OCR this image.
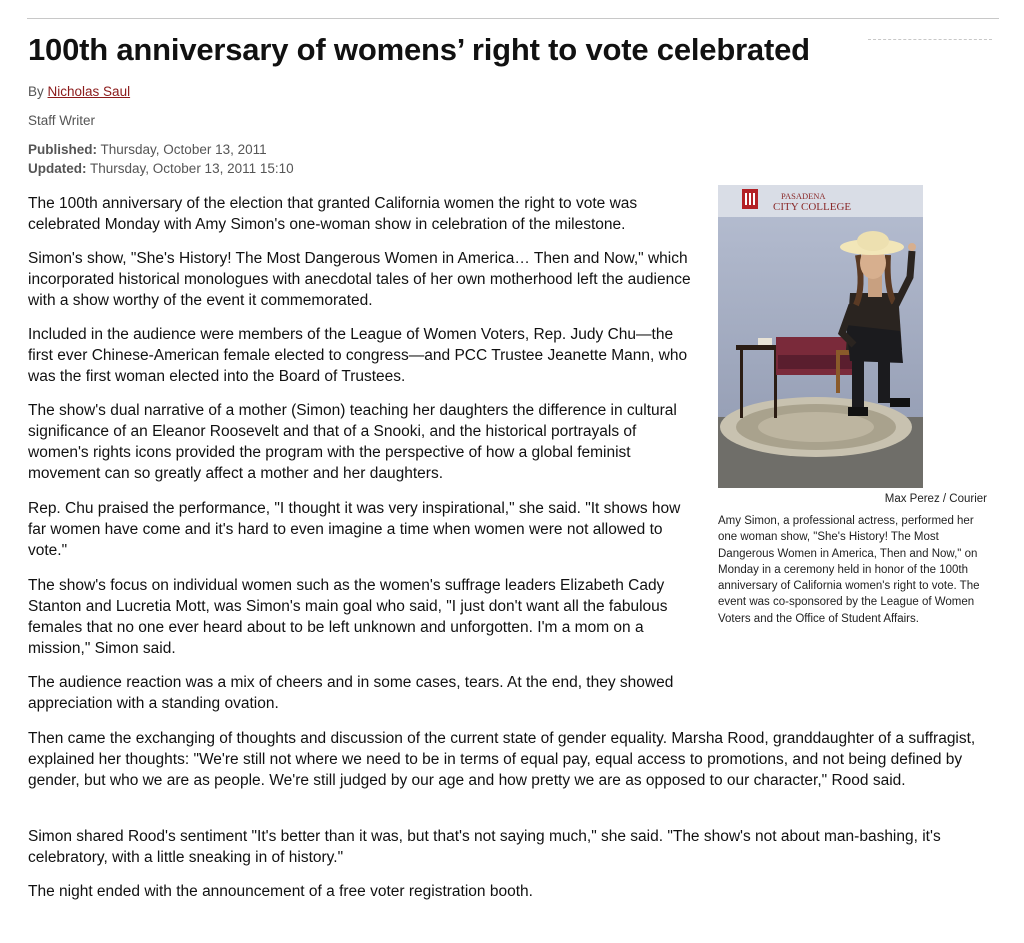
100th anniversary of womens’ right to vote celebrated
By Nicholas Saul
Staff Writer
Published: Thursday, October 13, 2011
Updated: Thursday, October 13, 2011 15:10

The 100th anniversary of the election that granted California women the right to vote was celebrated Monday with Amy Simon's one-woman show in celebration of the milestone.

Simon's show, "She's History! The Most Dangerous Women in America… Then and Now," which incorporated historical monologues with anecdotal tales of her own motherhood left the audience with a show worthy of the event it commemorated.

Included in the audience were members of the League of Women Voters, Rep. Judy Chu—the first ever Chinese-American female elected to congress—and PCC Trustee Jeanette Mann, who was the first woman elected into the Board of Trustees.

The show's dual narrative of a mother (Simon) teaching her daughters the difference in cultural significance of an Eleanor Roosevelt and that of a Snooki, and the historical portrayals of women's rights icons provided the program with the perspective of how a global feminist movement can so greatly affect a mother and her daughters.

Rep. Chu praised the performance, "I thought it was very inspirational," she said. "It shows how far women have come and it's hard to even imagine a time when women were not allowed to vote."

The show's focus on individual women such as the women's suffrage leaders Elizabeth Cady Stanton and Lucretia Mott, was Simon's main goal who said, "I just don't want all the fabulous females that no one ever heard about to be left unknown and unforgotten. I'm a mom on a mission," Simon said.

The audience reaction was a mix of cheers and in some cases, tears. At the end, they showed appreciation with a standing ovation.

Then came the exchanging of thoughts and discussion of the current state of gender equality. Marsha Rood, granddaughter of a suffragist, explained her thoughts: "We're still not where we need to be in terms of equal pay, equal access to promotions, and not being defined by gender, but who we are as people. We're still judged by our age and how pretty we are as opposed to our character," Rood said.

Simon shared Rood's sentiment "It's better than it was, but that's not saying much," she said. "The show's not about man-bashing, it's celebratory, with a little sneaking in of history."

The night ended with the announcement of a free voter registration booth.

PASADENA
CITY COLLEGE
Max Perez / Courier

Amy Simon, a professional actress, performed her one woman show, "She's History! The Most Dangerous Women in America, Then and Now," on Monday in a ceremony held in honor of the 100th anniversary of California women's right to vote. The event was co-sponsored by the League of Women Voters and the Office of Student Affairs.
